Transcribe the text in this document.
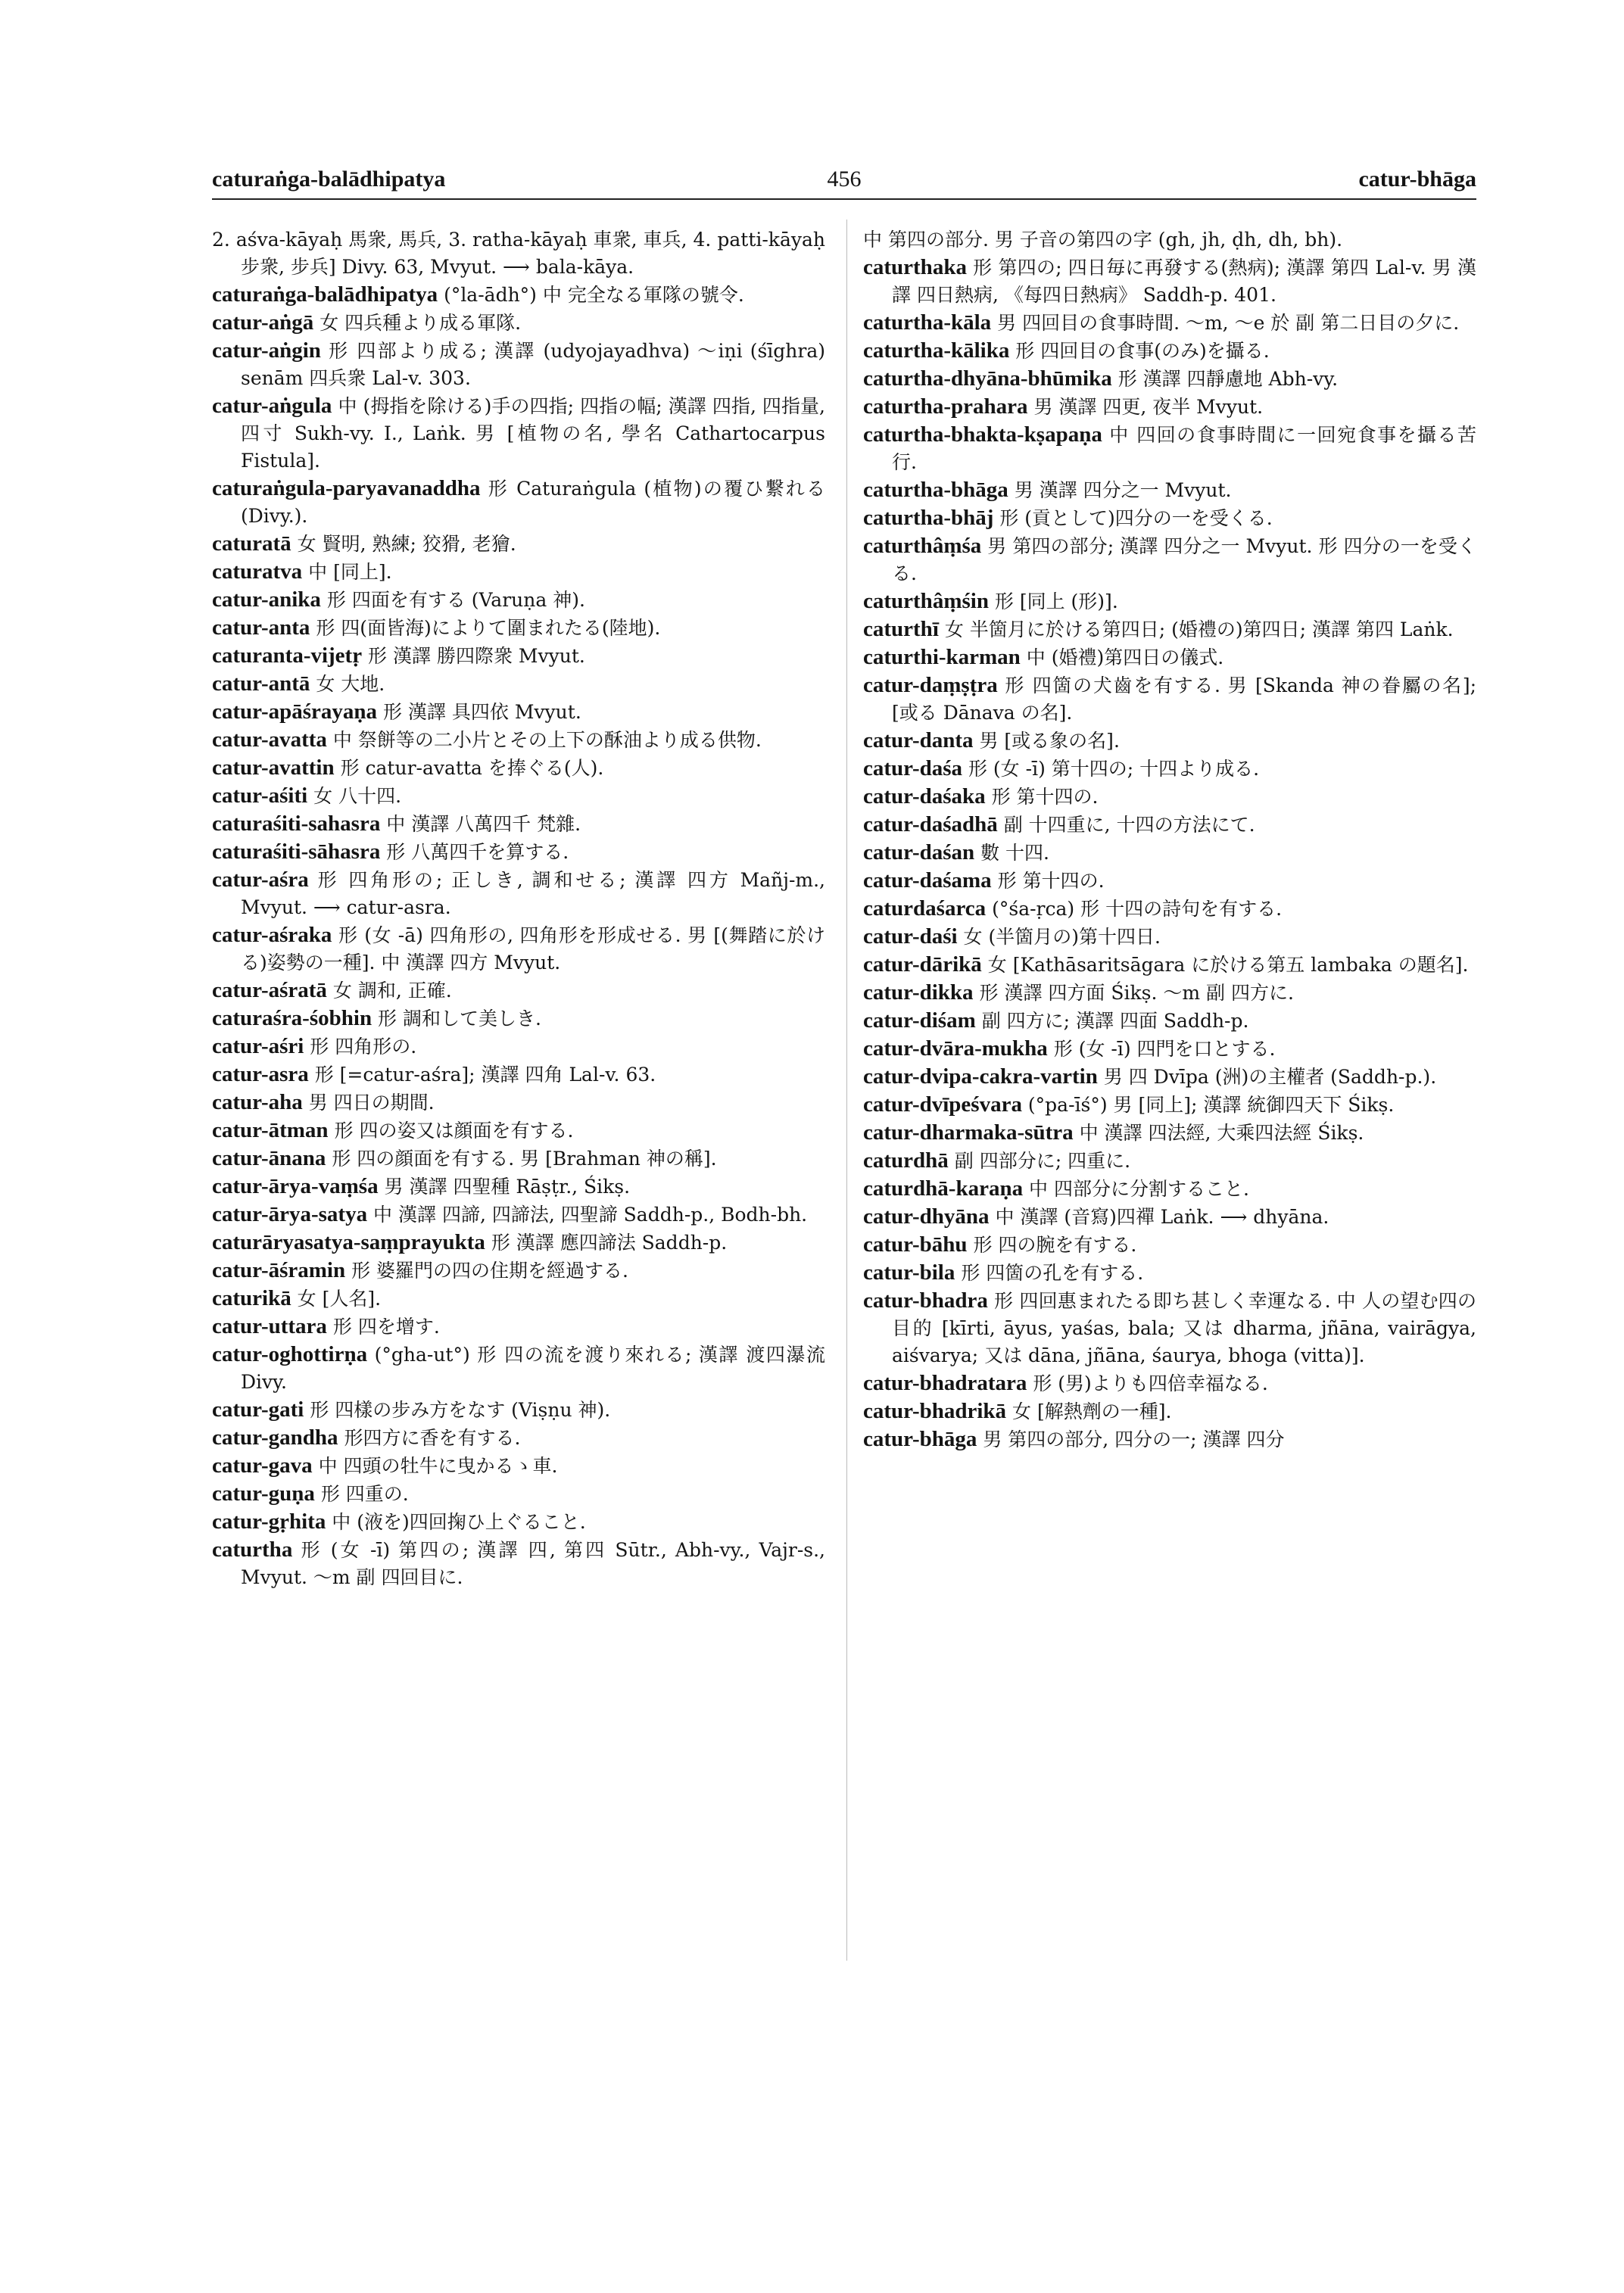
caturaṅga-balādhipatya	456	catur-bhāga

2. aśva-kāyaḥ 馬衆, 馬兵, 3. ratha-kāyaḥ 車衆, 車兵, 4. patti-kāyaḥ 步衆, 步兵] Divy. 63, Mvyut. ⟶ bala-kāya.

caturaṅga-balādhipatya (°la-ādh°) 中 完全なる軍隊の號令.

catur-aṅgā 女 四兵種より成る軍隊.

catur-aṅgin 形 四部より成る; 漢譯 (udyojayadhva) 〜iṇi (śīghra) senām 四兵衆 Lal-v. 303.

catur-aṅgula 中 (拇指を除ける)手の四指; 四指の幅; 漢譯 四指, 四指量, 四寸 Sukh-vy. I., Laṅk. 男 [植物の名, 學名 Cathartocarpus Fistula].

caturaṅgula-paryavanaddha 形 Caturaṅgula (植物)の覆ひ繋れる (Divy.).

caturatā 女 賢明, 熟練; 狡猾, 老獪.

caturatva 中 [同上].

catur-anika 形 四面を有する (Varuṇa 神).

catur-anta 形 四(面皆海)によりて圍まれたる(陸地).

caturanta-vijetṛ 形 漢譯 勝四際衆 Mvyut.

catur-antā 女 大地.

catur-apāśrayaṇa 形 漢譯 具四依 Mvyut.

catur-avatta 中 祭餅等の二小片とその上下の酥油より成る供物.

catur-avattin 形 catur-avatta を捧ぐる(人).

catur-aśiti 女 八十四.

caturaśiti-sahasra 中 漢譯 八萬四千 梵雜.

caturaśiti-sāhasra 形 八萬四千を算する.

catur-aśra 形 四角形の; 正しき, 調和せる; 漢譯 四方 Mañj-m., Mvyut. ⟶ catur-asra.

catur-aśraka 形 (女 -ā) 四角形の, 四角形を形成せる. 男 [(舞踏に於ける)姿勢の一種]. 中 漢譯 四方 Mvyut.

catur-aśratā 女 調和, 正確.

caturaśra-śobhin 形 調和して美しき.

catur-aśri 形 四角形の.

catur-asra 形 [=catur-aśra]; 漢譯 四角 Lal-v. 63.

catur-aha 男 四日の期間.

catur-ātman 形 四の姿又は顔面を有する.

catur-ānana 形 四の顔面を有する. 男 [Brahman 神の稱].

catur-ārya-vaṃśa 男 漢譯 四聖種 Rāṣṭr., Śikṣ.

catur-ārya-satya 中 漢譯 四諦, 四諦法, 四聖諦 Saddh-p., Bodh-bh.

caturāryasatya-saṃprayukta 形 漢譯 應四諦法 Saddh-p.

catur-āśramin 形 婆羅門の四の住期を經過する.

caturikā 女 [人名].

catur-uttara 形 四を增す.

catur-oghottirṇa (°gha-ut°) 形 四の流を渡り來れる; 漢譯 渡四瀑流 Divy.

catur-gati 形 四樣の步み方をなす (Viṣṇu 神).

catur-gandha 形四方に香を有する.

catur-gava 中 四頭の牡牛に曳かるゝ車.

catur-guṇa 形 四重の.

catur-gṛhita 中 (液を)四回掬ひ上ぐること.

caturtha 形 (女 -ī) 第四の; 漢譯 四, 第四 Sūtr., Abh-vy., Vajr-s., Mvyut. 〜m 副 四回目に.

中 第四の部分. 男 子音の第四の字 (gh, jh, ḍh, dh, bh).

caturthaka 形 第四の; 四日毎に再發する(熱病); 漢譯 第四 Lal-v. 男 漢譯 四日熱病, 《每四日熱病》 Saddh-p. 401.

caturtha-kāla 男 四回目の食事時間. 〜m, 〜e 於 副 第二日目の夕に.

caturtha-kālika 形 四回目の食事(のみ)を攝る.

caturtha-dhyāna-bhūmika 形 漢譯 四靜慮地 Abh-vy.

caturtha-prahara 男 漢譯 四更, 夜半 Mvyut.

caturtha-bhakta-kṣapaṇa 中 四回の食事時間に一回宛食事を攝る苦行.

caturtha-bhāga 男 漢譯 四分之一 Mvyut.

caturtha-bhāj 形 (貢として)四分の一を受くる.

caturthâṃśa 男 第四の部分; 漢譯 四分之一 Mvyut. 形 四分の一を受くる.

caturthâṃśin 形 [同上 (形)].

caturthī 女 半箇月に於ける第四日; (婚禮の)第四日; 漢譯 第四 Laṅk.

caturthi-karman 中 (婚禮)第四日の儀式.

catur-daṃṣṭra 形 四箇の犬齒を有する. 男 [Skanda 神の眷屬の名]; [或る Dānava の名].

catur-danta 男 [或る象の名].

catur-daśa 形 (女 -ī) 第十四の; 十四より成る.

catur-daśaka 形 第十四の.

catur-daśadhā 副 十四重に, 十四の方法にて.

catur-daśan 數 十四.

catur-daśama 形 第十四の.

caturdaśarca (°śa-ṛca) 形 十四の詩句を有する.

catur-daśi 女 (半箇月の)第十四日.

catur-dārikā 女 [Kathāsaritsāgara に於ける第五 lambaka の題名].

catur-dikka 形 漢譯 四方面 Śikṣ. 〜m 副 四方に.

catur-diśam 副 四方に; 漢譯 四面 Saddh-p.

catur-dvāra-mukha 形 (女 -ī) 四門を口とする.

catur-dvipa-cakra-vartin 男 四 Dvīpa (洲)の主權者 (Saddh-p.).

catur-dvīpeśvara (°pa-īś°) 男 [同上]; 漢譯 統御四天下 Śikṣ.

catur-dharmaka-sūtra 中 漢譯 四法經, 大乘四法經 Śikṣ.

caturdhā 副 四部分に; 四重に.

caturdhā-karaṇa 中 四部分に分割すること.

catur-dhyāna 中 漢譯 (音寫)四禪 Laṅk. ⟶ dhyāna.

catur-bāhu 形 四の腕を有する.

catur-bila 形 四箇の孔を有する.

catur-bhadra 形 四回惠まれたる即ち甚しく幸運なる. 中 人の望む四の目的 [kīrti, āyus, yaśas, bala; 又は dharma, jñāna, vairāgya, aiśvarya; 又は dāna, jñāna, śaurya, bhoga (vitta)].

catur-bhadratara 形 (男)よりも四倍幸福なる.

catur-bhadrikā 女 [解熱劑の一種].

catur-bhāga 男 第四の部分, 四分の一; 漢譯 四分
